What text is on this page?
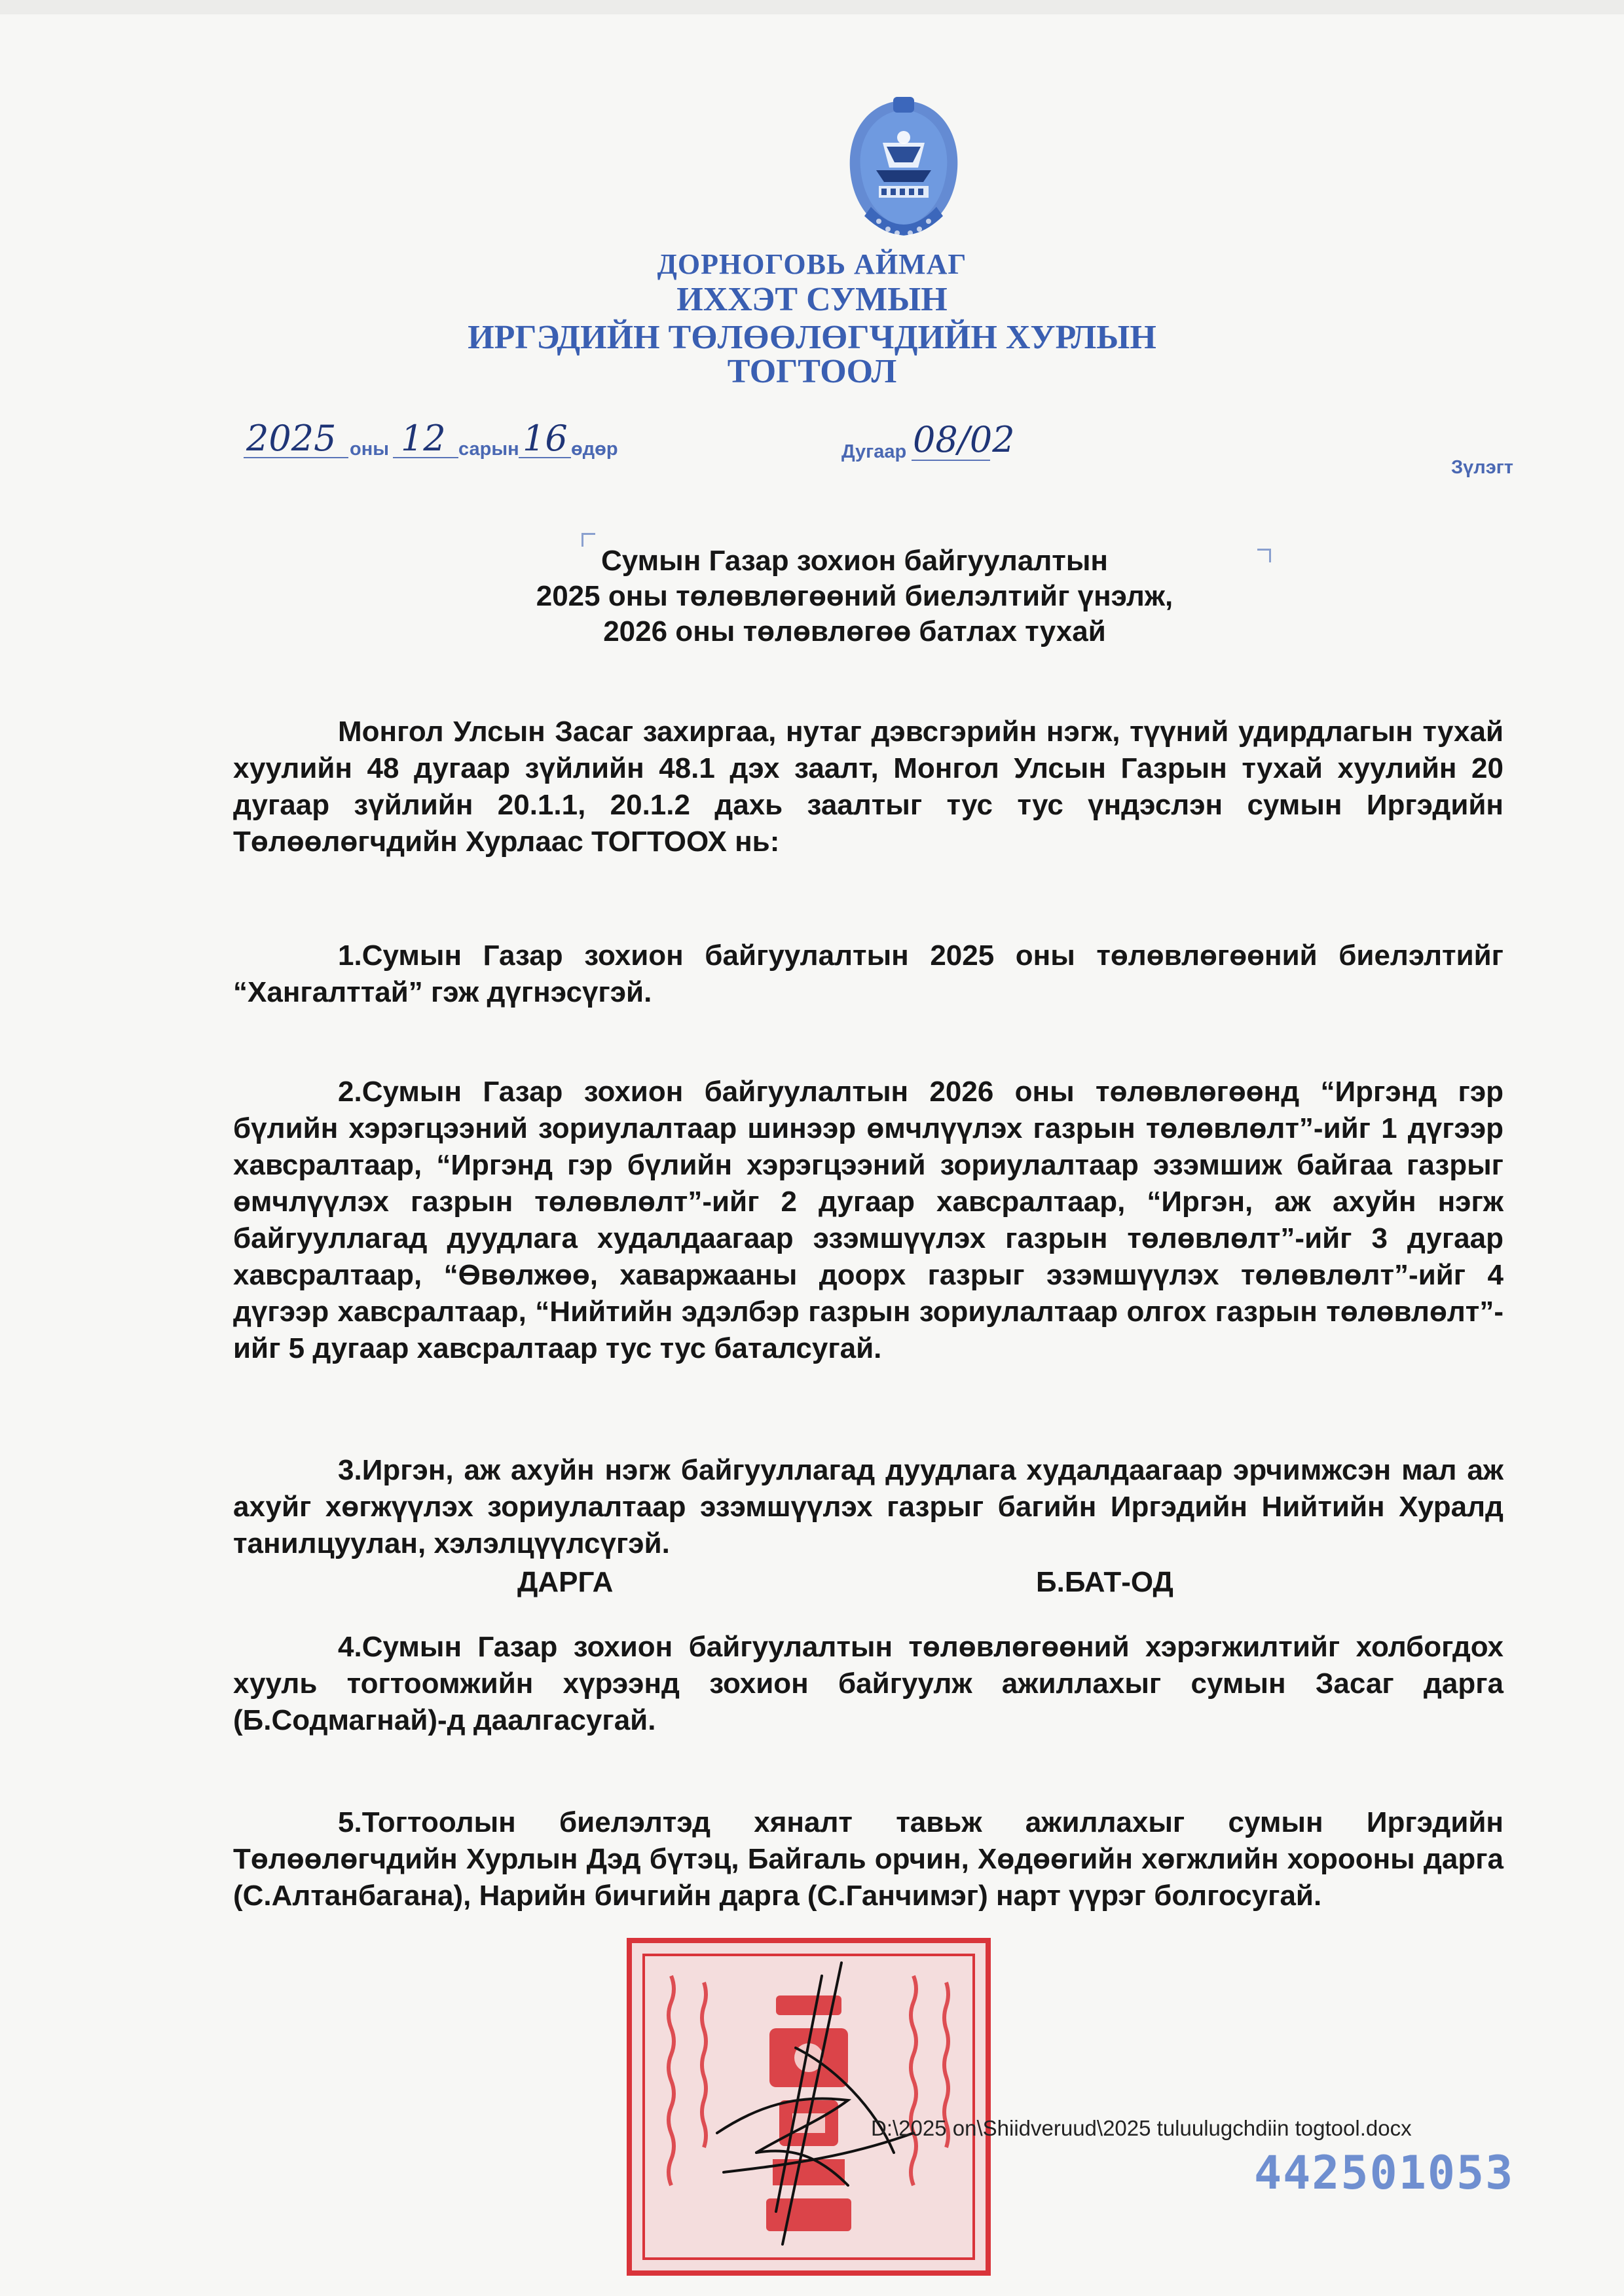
ДОРНОГОВЬ АЙМАГ
ИХХЭТ СУМЫН
ИРГЭДИЙН ТӨЛӨӨЛӨГЧДИЙН ХУРЛЫН
ТОГТООЛ
2025 оны 12 сарын 16 өдөр	Дугаар 08/02
Зүлэгт
Сумын Газар зохион байгуулалтын
2025 оны төлөвлөгөөний биелэлтийг үнэлж,
2026 оны төлөвлөгөө батлах тухай
Монгол Улсын Засаг захиргаа, нутаг дэвсгэрийн нэгж, түүний удирдлагын тухай хуулийн 48 дугаар зүйлийн 48.1 дэх заалт, Монгол Улсын Газрын тухай хуулийн 20 дугаар зүйлийн 20.1.1, 20.1.2 дахь заалтыг тус тус үндэслэн сумын Иргэдийн Төлөөлөгчдийн Хурлаас ТОГТООХ нь:
1.Сумын Газар зохион байгуулалтын 2025 оны төлөвлөгөөний биелэлтийг “Хангалттай” гэж дүгнэсүгэй.
2.Сумын Газар зохион байгуулалтын 2026 оны төлөвлөгөөнд “Иргэнд гэр бүлийн хэрэгцээний зориулалтаар шинээр өмчлүүлэх газрын төлөвлөлт”-ийг 1 дүгээр хавсралтаар, “Иргэнд гэр бүлийн хэрэгцээний зориулалтаар эзэмшиж байгаа газрыг өмчлүүлэх газрын төлөвлөлт”-ийг 2 дугаар хавсралтаар, “Иргэн, аж ахуйн нэгж байгууллагад дуудлага худалдаагаар эзэмшүүлэх газрын төлөвлөлт”-ийг 3 дугаар хавсралтаар, “Өвөлжөө, хаваржааны доорх газрыг эзэмшүүлэх төлөвлөлт”-ийг 4 дүгээр хавсралтаар, “Нийтийн эдэлбэр газрын зориулалтаар олгох газрын төлөвлөлт”-ийг 5 дугаар хавсралтаар тус тус баталсугай.
3.Иргэн, аж ахуйн нэгж байгууллагад дуудлага худалдаагаар эрчимжсэн мал аж ахуйг хөгжүүлэх зориулалтаар эзэмшүүлэх газрыг багийн Иргэдийн Нийтийн Хуралд танилцуулан, хэлэлцүүлсүгэй.
4.Сумын Газар зохион байгуулалтын төлөвлөгөөний хэрэгжилтийг холбогдох хууль тогтоомжийн хүрээнд зохион байгуулж ажиллахыг сумын Засаг дарга (Б.Содмагнай)-д даалгасугай.
5.Тогтоолын биелэлтэд хяналт тавьж ажиллахыг сумын Иргэдийн Төлөөлөгчдийн Хурлын Дэд бүтэц, Байгаль орчин, Хөдөөгийн хөгжлийн хорооны дарга (С.Алтанбагана), Нарийн бичгийн дарга (С.Ганчимэг) нарт үүрэг болгосугай.
ДАРГА	Б.БАТ-ОД
D:\2025 on\Shiidveruud\2025 tuluulugchdiin togtool.docx
442501053
